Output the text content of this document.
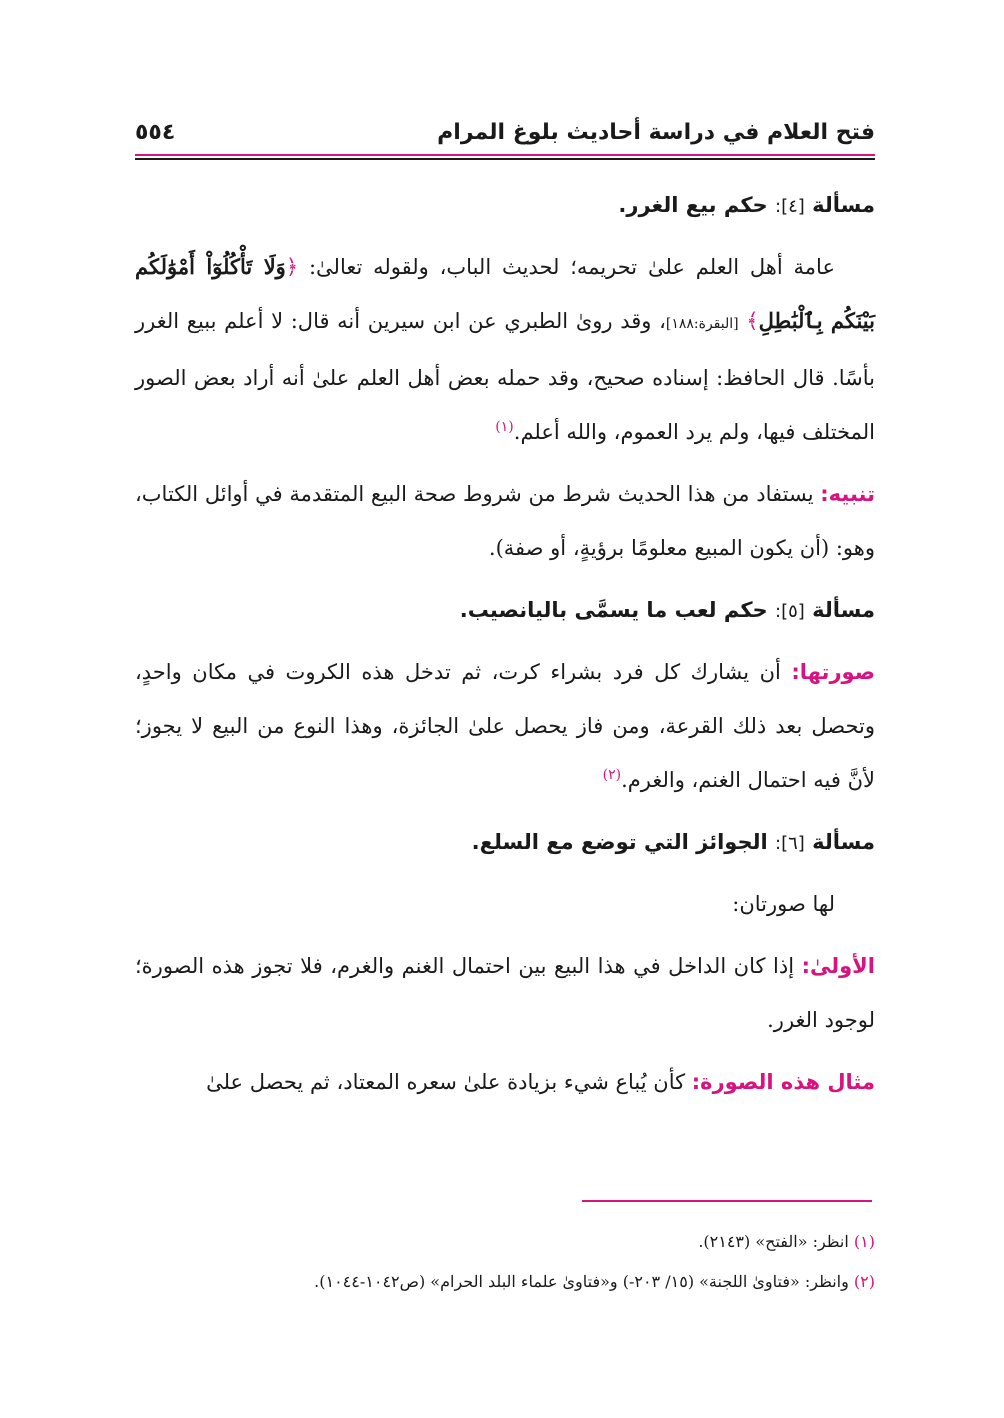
فتح العلام في دراسة أحاديث بلوغ المرام
٥٥٤
مسألة [٤]: حكم بيع الغرر.

عامة أهل العلم علىٰ تحريمه؛ لحديث الباب، ولقوله تعالىٰ: ﴿وَلَا تَأْكُلُوٓاْ أَمْوَٰلَكُم بَيْنَكُم بِٱلْبَٰطِلِ﴾ [البقرة:١٨٨]، وقد روىٰ الطبري عن ابن سيرين أنه قال: لا أعلم ببيع الغرر بأسًا. قال الحافظ: إسناده صحيح، وقد حمله بعض أهل العلم علىٰ أنه أراد بعض الصور المختلف فيها، ولم يرد العموم، والله أعلم.$^{(١)}$

تنبيه: يستفاد من هذا الحديث شرط من شروط صحة البيع المتقدمة في أوائل الكتاب، وهو: (أن يكون المبيع معلومًا برؤيةٍ، أو صفة).

مسألة [٥]: حكم لعب ما يسمَّى باليانصيب.

صورتها: أن يشارك كل فرد بشراء كرت، ثم تدخل هذه الكروت في مكان واحدٍ، وتحصل بعد ذلك القرعة، ومن فاز يحصل علىٰ الجائزة، وهذا النوع من البيع لا يجوز؛ لأنَّ فيه احتمال الغنم، والغرم.$^{(٢)}$

مسألة [٦]: الجوائز التي توضع مع السلع.

لها صورتان:

الأولىٰ: إذا كان الداخل في هذا البيع بين احتمال الغنم والغرم، فلا تجوز هذه الصورة؛ لوجود الغرر.

مثال هذه الصورة: كأن يُباع شيء بزيادة علىٰ سعره المعتاد، ثم يحصل علىٰ

(١) انظر: «الفتح» (٢١٤٣).

(٢) وانظر: «فتاوىٰ اللجنة» (١٥/ ٢٠٣-) و«فتاوىٰ علماء البلد الحرام» (ص١٠٤٢-١٠٤٤).
